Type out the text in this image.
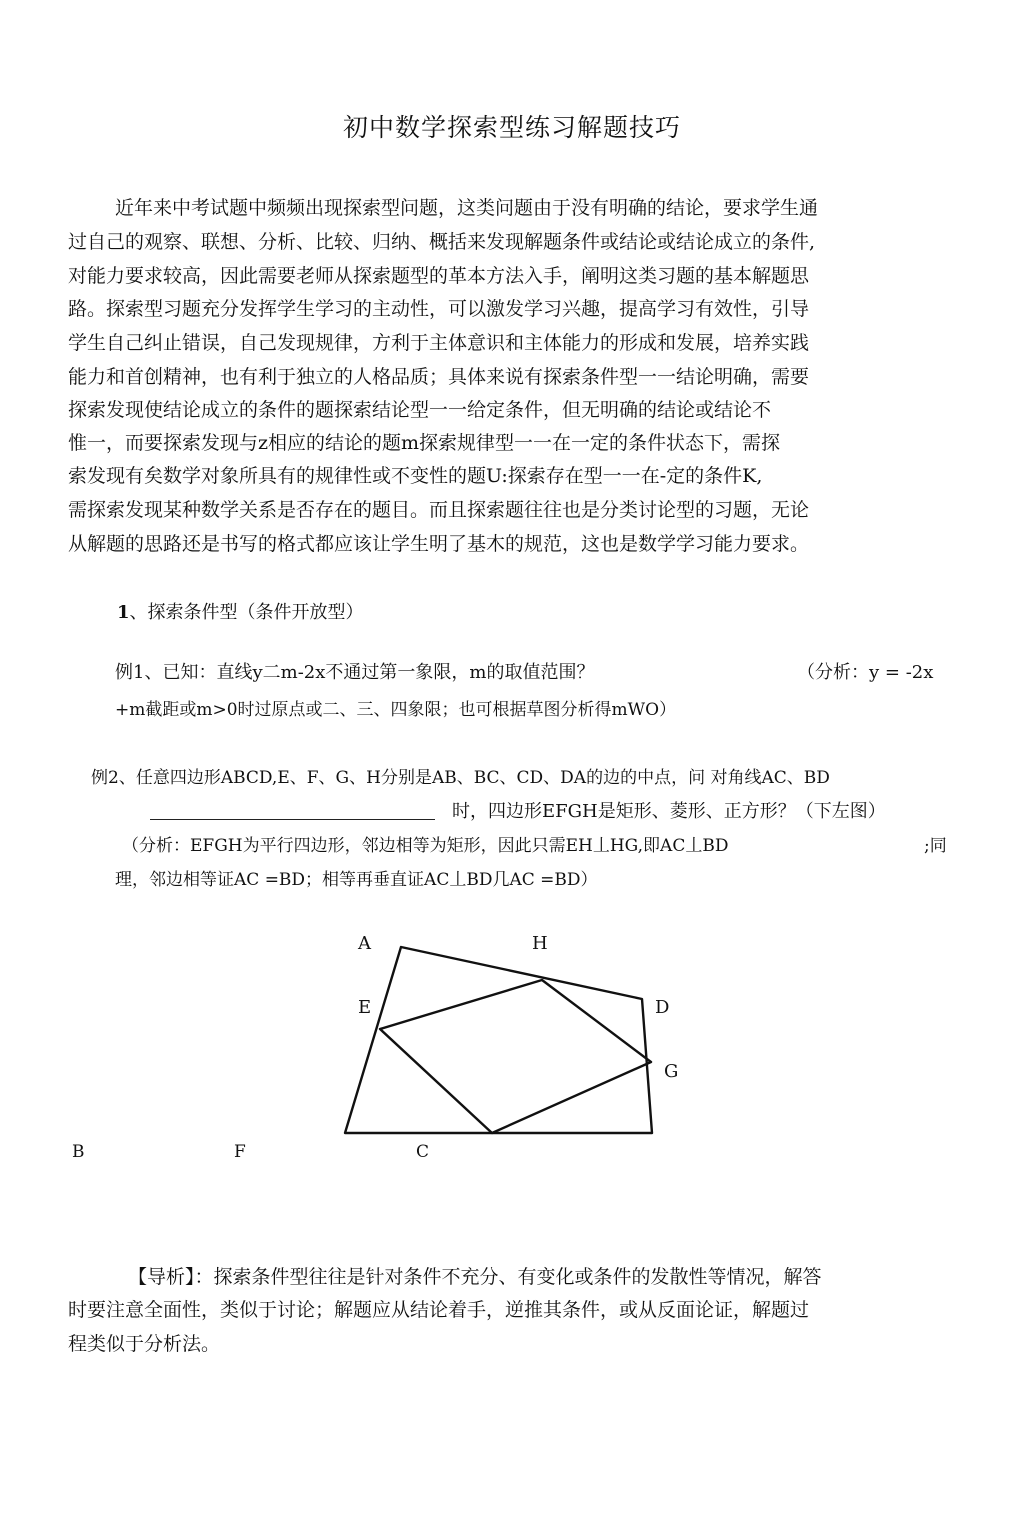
初中数学探索型练习解题技巧
近年来中考试题中频频出现探索型问题，这类问题由于没有明确的结论，要求学生通
过自己的观察、联想、分析、比较、归纳、概括来发现解题条件或结论或结论成立的条件,
对能力要求较高，因此需要老师从探索题型的革本方法入手，阐明这类习题的基本解题思
路。探索型习题充分发挥学生学习的主动性，可以激发学习兴趣，提高学习有效性，引导
学生自己纠止错误，自己发现规律，方利于主体意识和主体能力的形成和发展，培养实践
能力和首创精神，也有利于独立的人格品质；具体来说有探索条件型一一结论明确，需要
探索发现使结论成立的条件的题探索结论型一一给定条件，但无明确的结论或结论不
惟一，而要探索发现与z相应的结论的题m探索规律型一一在一定的条件状态下，需探
索发现有矣数学对象所具有的规律性或不变性的题U:探索存在型一一在-定的条件K,
需探索发现某种数学关系是否存在的题目。而且探索题往往也是分类讨论型的习题，无论
从解题的思路还是书写的格式都应该让学生明了基木的规范，这也是数学学习能力要求。
1、探索条件型（条件开放型）
例1、已知：直线y二m-2x不通过第一象限，m的取值范围？	（分析：y = -2x
+m截距或m>0时过原点或二、三、四象限；也可根据草图分析得mWO）
例2、任意四边形ABCD,E、F、G、H分别是AB、BC、CD、DA的边的中点，问 对角线AC、BD
时，四边形EFGH是矩形、菱形、正方形？（下左图）
（分析：EFGH为平行四边形，邻边相等为矩形，因此只需EH丄HG,即AC丄BD	;同
理，邻边相等证AC =BD；相等再垂直证AC丄BD几AC =BD）
A	H
E	D
G
B	F	C
【导析】：探索条件型往往是针对条件不充分、有变化或条件的发散性等情况，解答
时要注意全面性，类似于讨论；解题应从结论着手，逆推其条件，或从反面论证，解题过
程类似于分析法。
